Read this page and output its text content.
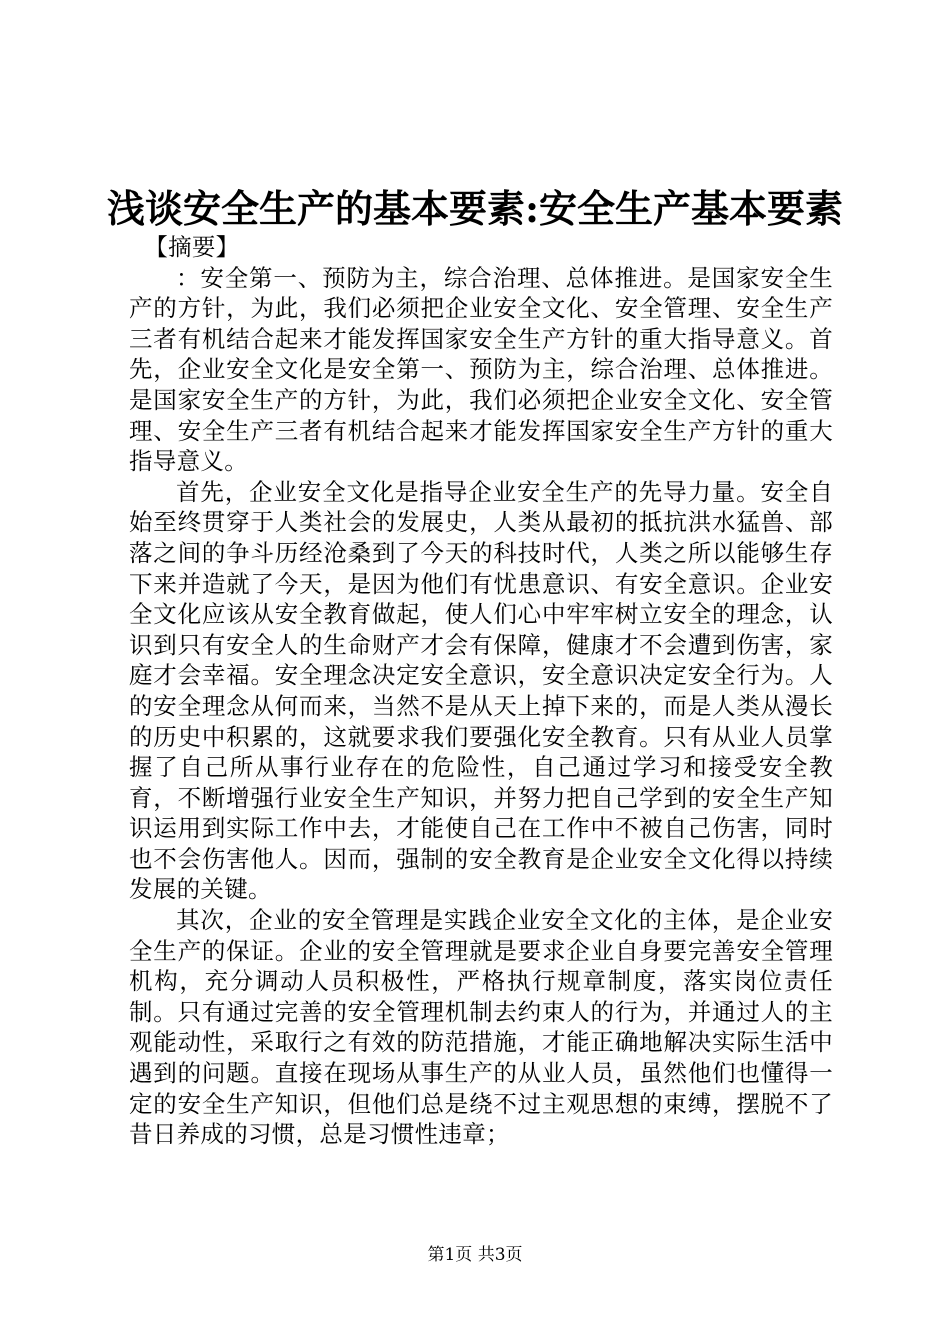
浅谈安全生产的基本要素:安全生产基本要素

【摘要】

：安全第一、预防为主，综合治理、总体推进。是国家安全生产的方针，为此，我们必须把企业安全文化、安全管理、安全生产三者有机结合起来才能发挥国家安全生产方针的重大指导意义。首先，企业安全文化是安全第一、预防为主，综合治理、总体推进。是国家安全生产的方针，为此，我们必须把企业安全文化、安全管理、安全生产三者有机结合起来才能发挥国家安全生产方针的重大指导意义。

首先，企业安全文化是指导企业安全生产的先导力量。安全自始至终贯穿于人类社会的发展史，人类从最初的抵抗洪水猛兽、部落之间的争斗历经沧桑到了今天的科技时代，人类之所以能够生存下来并造就了今天，是因为他们有忧患意识、有安全意识。企业安全文化应该从安全教育做起，使人们心中牢牢树立安全的理念，认识到只有安全人的生命财产才会有保障，健康才不会遭到伤害，家庭才会幸福。安全理念决定安全意识，安全意识决定安全行为。人的安全理念从何而来，当然不是从天上掉下来的，而是人类从漫长的历史中积累的，这就要求我们要强化安全教育。只有从业人员掌握了自己所从事行业存在的危险性，自己通过学习和接受安全教育，不断增强行业安全生产知识，并努力把自己学到的安全生产知识运用到实际工作中去，才能使自己在工作中不被自己伤害，同时也不会伤害他人。因而，强制的安全教育是企业安全文化得以持续发展的关键。

其次，企业的安全管理是实践企业安全文化的主体，是企业安全生产的保证。企业的安全管理就是要求企业自身要完善安全管理机构，充分调动人员积极性，严格执行规章制度，落实岗位责任制。只有通过完善的安全管理机制去约束人的行为，并通过人的主观能动性，采取行之有效的防范措施，才能正确地解决实际生活中遇到的问题。直接在现场从事生产的从业人员，虽然他们也懂得一定的安全生产知识，但他们总是绕不过主观思想的束缚，摆脱不了昔日养成的习惯，总是习惯性违章；

第1页 共3页
